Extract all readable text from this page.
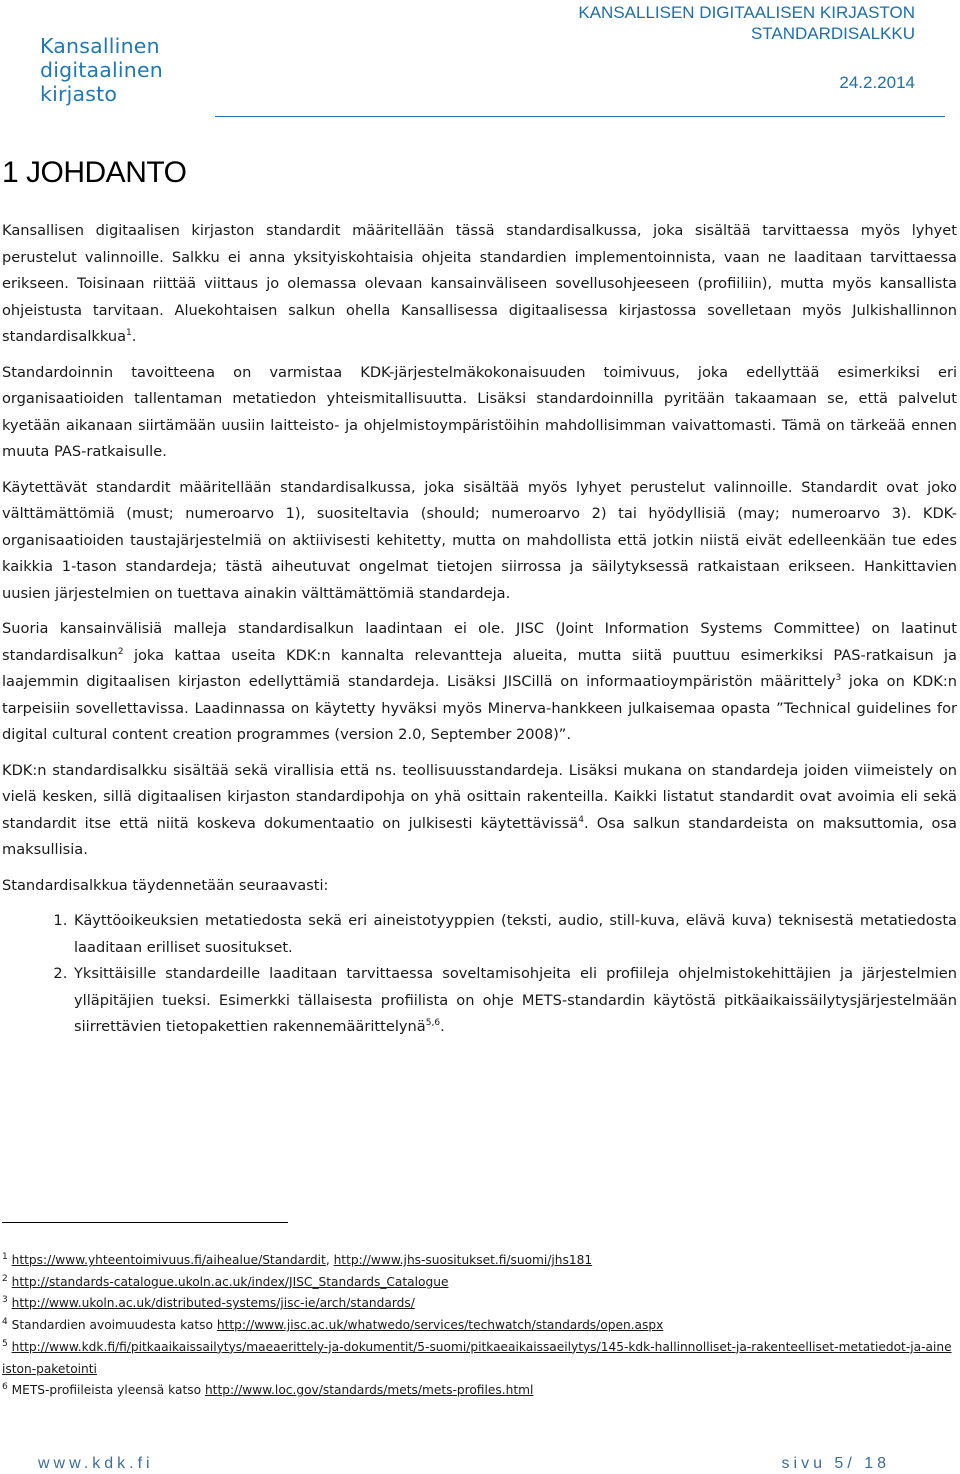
Kansallinen
digitaalinen
kirjasto
KANSALLISEN DIGITAALISEN KIRJASTON
STANDARDISALKKU
24.2.2014
1 JOHDANTO

Kansallisen digitaalisen kirjaston standardit määritellään tässä standardisalkussa, joka sisältää tarvittaessa myös lyhyet perustelut valinnoille. Salkku ei anna yksityiskohtaisia ohjeita standardien implementoinnista, vaan ne laaditaan tarvittaessa erikseen. Toisinaan riittää viittaus jo olemassa olevaan kansainväliseen sovellusohjeeseen (profiiliin), mutta myös kansallista ohjeistusta tarvitaan. Aluekohtaisen salkun ohella Kansallisessa digitaalisessa kirjastossa sovelletaan myös Julkishallinnon standardisalkkua$^1$.

Standardoinnin tavoitteena on varmistaa KDK-järjestelmäkokonaisuuden toimivuus, joka edellyttää esimerkiksi eri organisaatioiden tallentaman metatiedon yhteismitallisuutta. Lisäksi standardoinnilla pyritään takaamaan se, että palvelut kyetään aikanaan siirtämään uusiin laitteisto- ja ohjelmistoympäristöihin mahdollisimman vaivattomasti. Tämä on tärkeää ennen muuta PAS-ratkaisulle.

Käytettävät standardit määritellään standardisalkussa, joka sisältää myös lyhyet perustelut valinnoille. Standardit ovat joko välttämättömiä (must; numeroarvo 1), suositeltavia (should; numeroarvo 2) tai hyödyllisiä (may; numeroarvo 3). KDK-organisaatioiden taustajärjestelmiä on aktiivisesti kehitetty, mutta on mahdollista että jotkin niistä eivät edelleenkään tue edes kaikkia 1-tason standardeja; tästä aiheutuvat ongelmat tietojen siirrossa ja säilytyksessä ratkaistaan erikseen. Hankittavien uusien järjestelmien on tuettava ainakin välttämättömiä standardeja.

Suoria kansainvälisiä malleja standardisalkun laadintaan ei ole. JISC (Joint Information Systems Committee) on laatinut standardisalkun$^2$ joka kattaa useita KDK:n kannalta relevantteja alueita, mutta siitä puuttuu esimerkiksi PAS-ratkaisun ja laajemmin digitaalisen kirjaston edellyttämiä standardeja. Lisäksi JISCillä on informaatioympäristön määrittely$^3$ joka on KDK:n tarpeisiin sovellettavissa. Laadinnassa on käytetty hyväksi myös Minerva-hankkeen julkaisemaa opasta ”Technical guidelines for digital cultural content creation programmes (version 2.0, September 2008)”.

KDK:n standardisalkku sisältää sekä virallisia että ns. teollisuusstandardeja. Lisäksi mukana on standardeja joiden viimeistely on vielä kesken, sillä digitaalisen kirjaston standardipohja on yhä osittain rakenteilla. Kaikki listatut standardit ovat avoimia eli sekä standardit itse että niitä koskeva dokumentaatio on julkisesti käytettävissä$^4$. Osa salkun standardeista on maksuttomia, osa maksullisia.

Standardisalkkua täydennetään seuraavasti:

1. Käyttöoikeuksien metatiedosta sekä eri aineistotyyppien (teksti, audio, still-kuva, elävä kuva) teknisestä metatiedosta laaditaan erilliset suositukset.
2. Yksittäisille standardeille laaditaan tarvittaessa soveltamisohjeita eli profiileja ohjelmistokehittäjien ja järjestelmien ylläpitäjien tueksi. Esimerkki tällaisesta profiilista on ohje METS-standardin käytöstä pitkäaikaissäilytysjärjestelmään siirrettävien tietopakettien rakennemäärittelynä$^{5,6}$.

$^1$ https://www.yhteentoimivuus.fi/aihealue/Standardit, http://www.jhs-suositukset.fi/suomi/jhs181

$^2$ http://standards-catalogue.ukoln.ac.uk/index/JISC_Standards_Catalogue

$^3$ http://www.ukoln.ac.uk/distributed-systems/jisc-ie/arch/standards/

$^4$ Standardien avoimuudesta katso http://www.jisc.ac.uk/whatwedo/services/techwatch/standards/open.aspx

$^5$ http://www.kdk.fi/fi/pitkaaikaissailytys/maeaerittely-ja-dokumentit/5-suomi/pitkaeaikaissaeilytys/145-kdk-hallinnolliset-ja-rakenteelliset-metatiedot-ja-aineiston-paketointi

$^6$ METS-profiileista yleensä katso http://www.loc.gov/standards/mets/mets-profiles.html

www.kdk.fi	sivu 5/ 18
